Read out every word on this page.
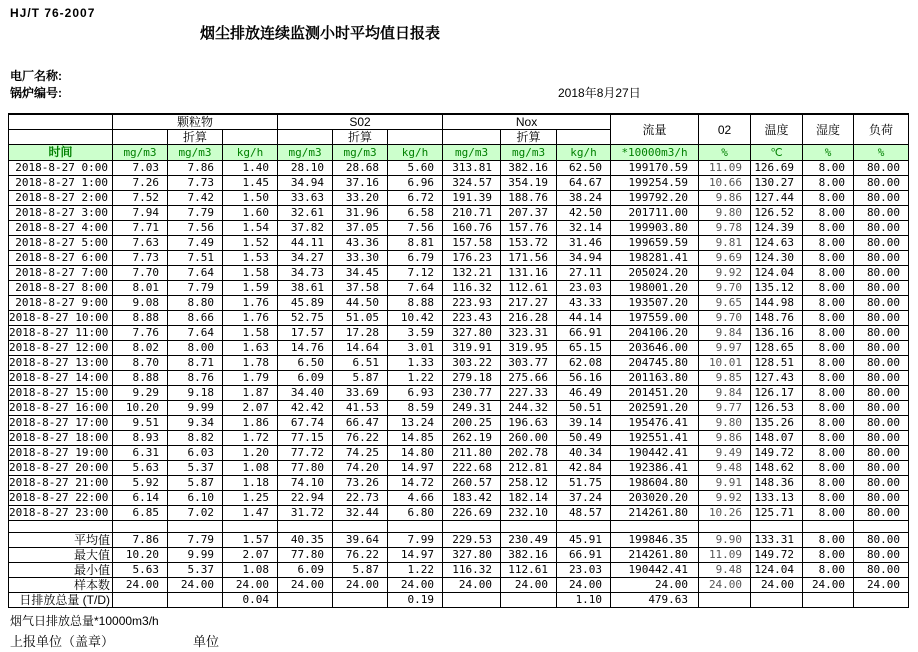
HJ/T 76-2007
烟尘排放连续监测小时平均值日报表
电厂名称:
锅炉编号:	2018年8月27日
	颗粒物			S02			Nox			流量	02	温度	湿度	负荷
		折算			折算			折算						
时间	mg/m3	mg/m3	kg/h	mg/m3	mg/m3	kg/h	mg/m3	mg/m3	kg/h	*10000m3/h	%	℃	%	%
2018-8-27 0:00	7.03	7.86	1.40	28.10	28.68	5.60	313.81	382.16	62.50	199170.59	11.09	126.69	8.00	80.00
2018-8-27 1:00	7.26	7.73	1.45	34.94	37.16	6.96	324.57	354.19	64.67	199254.59	10.66	130.27	8.00	80.00
2018-8-27 2:00	7.52	7.42	1.50	33.63	33.20	6.72	191.39	188.76	38.24	199792.20	9.86	127.44	8.00	80.00
2018-8-27 3:00	7.94	7.79	1.60	32.61	31.96	6.58	210.71	207.37	42.50	201711.00	9.80	126.52	8.00	80.00
2018-8-27 4:00	7.71	7.56	1.54	37.82	37.05	7.56	160.76	157.76	32.14	199903.80	9.78	124.39	8.00	80.00
2018-8-27 5:00	7.63	7.49	1.52	44.11	43.36	8.81	157.58	153.72	31.46	199659.59	9.81	124.63	8.00	80.00
2018-8-27 6:00	7.73	7.51	1.53	34.27	33.30	6.79	176.23	171.56	34.94	198281.41	9.69	124.30	8.00	80.00
2018-8-27 7:00	7.70	7.64	1.58	34.73	34.45	7.12	132.21	131.16	27.11	205024.20	9.92	124.04	8.00	80.00
2018-8-27 8:00	8.01	7.79	1.59	38.61	37.58	7.64	116.32	112.61	23.03	198001.20	9.70	135.12	8.00	80.00
2018-8-27 9:00	9.08	8.80	1.76	45.89	44.50	8.88	223.93	217.27	43.33	193507.20	9.65	144.98	8.00	80.00
2018-8-27 10:00	8.88	8.66	1.76	52.75	51.05	10.42	223.43	216.28	44.14	197559.00	9.70	148.76	8.00	80.00
2018-8-27 11:00	7.76	7.64	1.58	17.57	17.28	3.59	327.80	323.31	66.91	204106.20	9.84	136.16	8.00	80.00
2018-8-27 12:00	8.02	8.00	1.63	14.76	14.64	3.01	319.91	319.95	65.15	203646.00	9.97	128.65	8.00	80.00
2018-8-27 13:00	8.70	8.71	1.78	6.50	6.51	1.33	303.22	303.77	62.08	204745.80	10.01	128.51	8.00	80.00
2018-8-27 14:00	8.88	8.76	1.79	6.09	5.87	1.22	279.18	275.66	56.16	201163.80	9.85	127.43	8.00	80.00
2018-8-27 15:00	9.29	9.18	1.87	34.40	33.69	6.93	230.77	227.33	46.49	201451.20	9.84	126.17	8.00	80.00
2018-8-27 16:00	10.20	9.99	2.07	42.42	41.53	8.59	249.31	244.32	50.51	202591.20	9.77	126.53	8.00	80.00
2018-8-27 17:00	9.51	9.34	1.86	67.74	66.47	13.24	200.25	196.63	39.14	195476.41	9.80	135.26	8.00	80.00
2018-8-27 18:00	8.93	8.82	1.72	77.15	76.22	14.85	262.19	260.00	50.49	192551.41	9.86	148.07	8.00	80.00
2018-8-27 19:00	6.31	6.03	1.20	77.72	74.25	14.80	211.80	202.78	40.34	190442.41	9.49	149.72	8.00	80.00
2018-8-27 20:00	5.63	5.37	1.08	77.80	74.20	14.97	222.68	212.81	42.84	192386.41	9.48	148.62	8.00	80.00
2018-8-27 21:00	5.92	5.87	1.18	74.10	73.26	14.72	260.57	258.12	51.75	198604.80	9.91	148.36	8.00	80.00
2018-8-27 22:00	6.14	6.10	1.25	22.94	22.73	4.66	183.42	182.14	37.24	203020.20	9.92	133.13	8.00	80.00
2018-8-27 23:00	6.85	7.02	1.47	31.72	32.44	6.80	226.69	232.10	48.57	214261.80	10.26	125.71	8.00	80.00

平均值	7.86	7.79	1.57	40.35	39.64	7.99	229.53	230.49	45.91	199846.35	9.90	133.31	8.00	80.00
最大值	10.20	9.99	2.07	77.80	76.22	14.97	327.80	382.16	66.91	214261.80	11.09	149.72	8.00	80.00
最小值	5.63	5.37	1.08	6.09	5.87	1.22	116.32	112.61	23.03	190442.41	9.48	124.04	8.00	80.00
样本数	24.00	24.00	24.00	24.00	24.00	24.00	24.00	24.00	24.00	24.00	24.00	24.00	24.00	24.00
日排放总量 (T/D)			0.04			0.19			1.10	479.63				
烟气日排放总量*10000m3/h
上报单位（盖章）	单位
